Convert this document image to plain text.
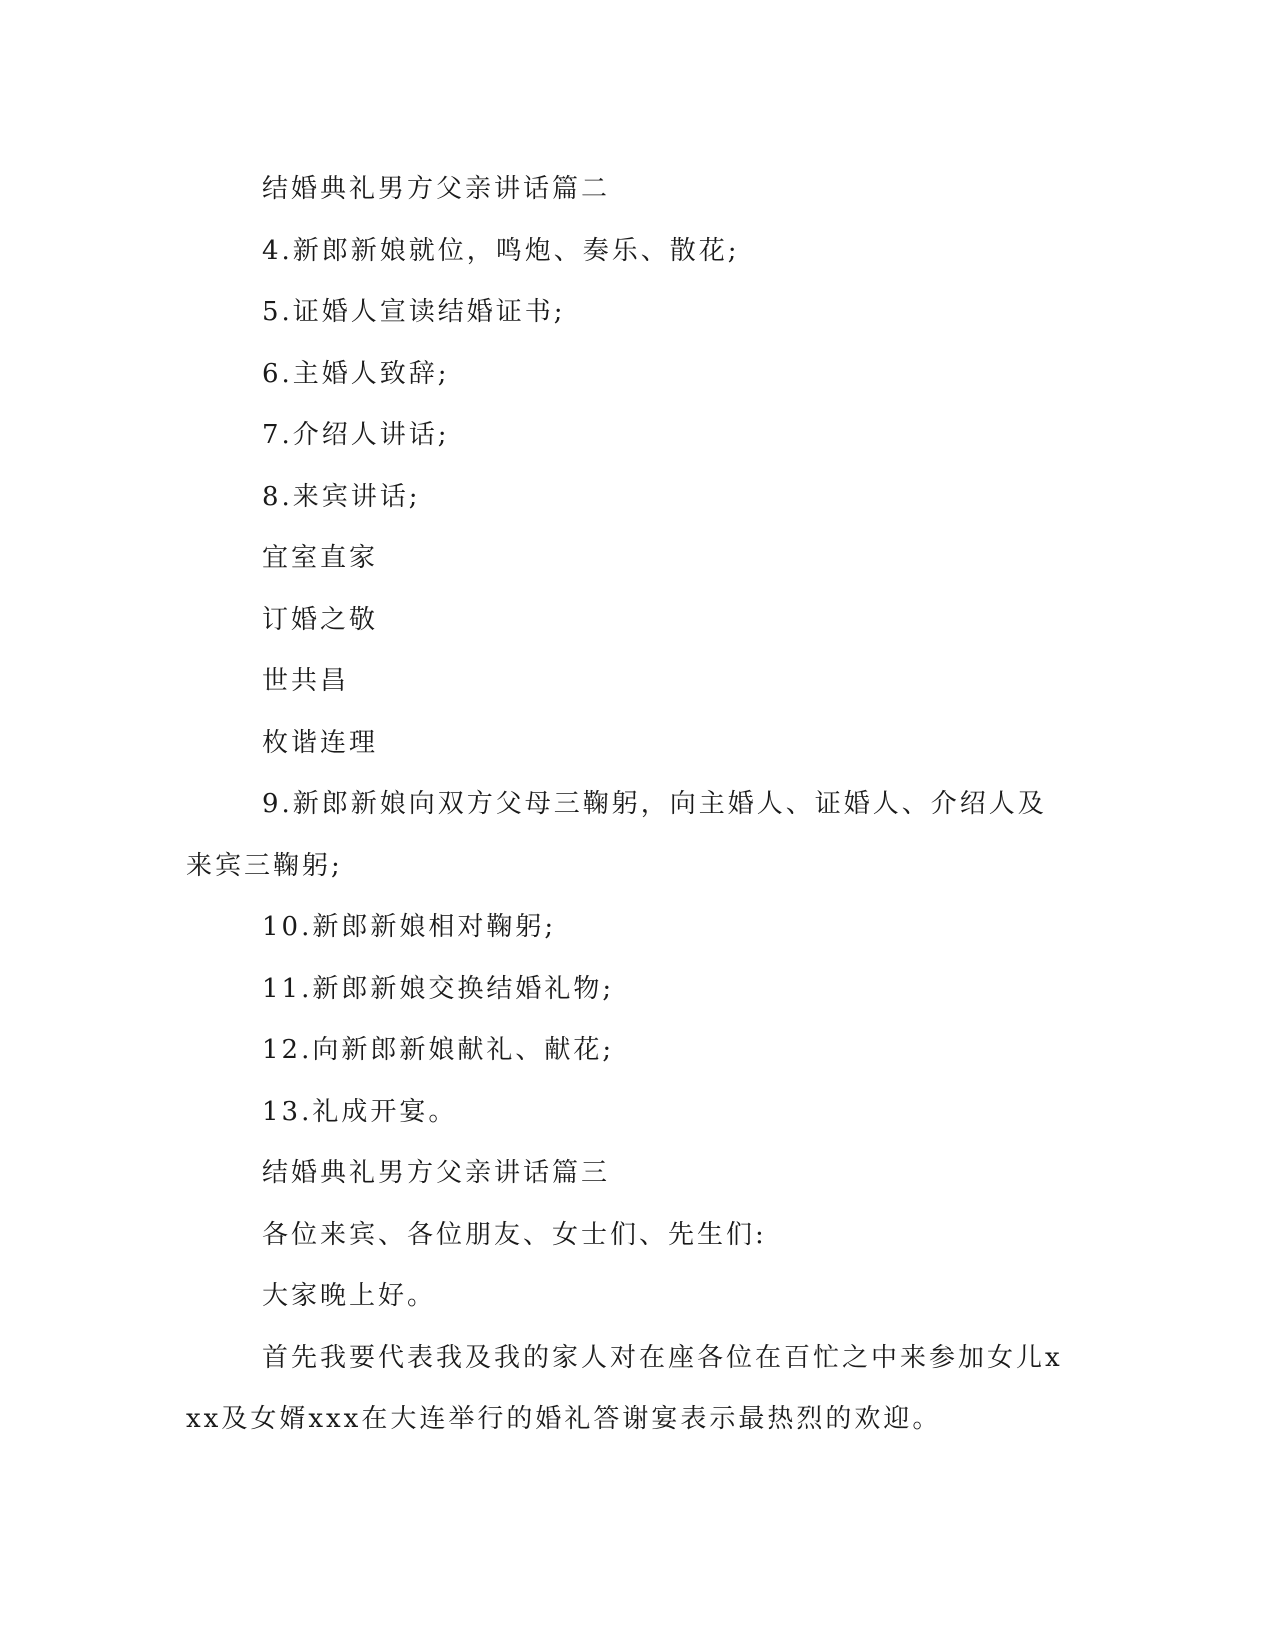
结婚典礼男方父亲讲话篇二

4.新郎新娘就位，鸣炮、奏乐、散花;

5.证婚人宣读结婚证书;

6.主婚人致辞;

7.介绍人讲话;

8.来宾讲话;

宜室直家

订婚之敬

世共昌

枚谐连理

9.新郎新娘向双方父母三鞠躬，向主婚人、证婚人、介绍人及来宾三鞠躬;

10.新郎新娘相对鞠躬;

11.新郎新娘交换结婚礼物;

12.向新郎新娘献礼、献花;

13.礼成开宴。

结婚典礼男方父亲讲话篇三

各位来宾、各位朋友、女士们、先生们:

大家晚上好。

首先我要代表我及我的家人对在座各位在百忙之中来参加女儿xxx及女婿xxx在大连举行的婚礼答谢宴表示最热烈的欢迎。
